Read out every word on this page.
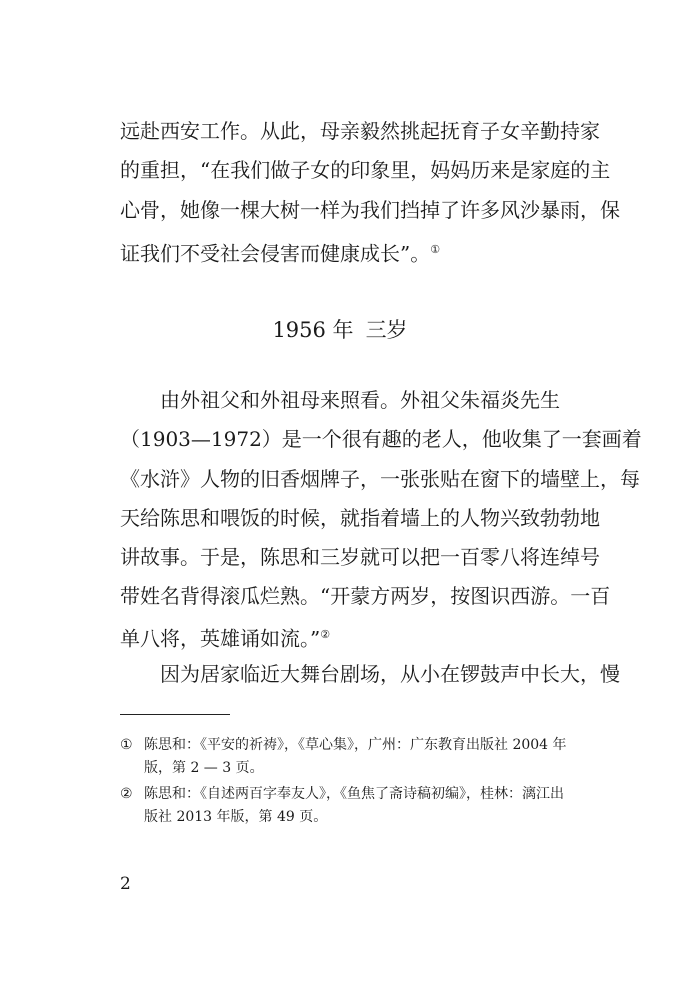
远赴西安工作。从此，母亲毅然挑起抚育子女辛勤持家
的重担，“在我们做子女的印象里，妈妈历来是家庭的主
心骨，她像一棵大树一样为我们挡掉了许多风沙暴雨，保
证我们不受社会侵害而健康成长”。①
1956 年 三岁
　　由外祖父和外祖母来照看。外祖父朱福炎先生
（1903—1972）是一个很有趣的老人，他收集了一套画着
《水浒》人物的旧香烟牌子，一张张贴在窗下的墙壁上，每
天给陈思和喂饭的时候，就指着墙上的人物兴致勃勃地
讲故事。于是，陈思和三岁就可以把一百零八将连绰号
带姓名背得滚瓜烂熟。“开蒙方两岁，按图识西游。一百
单八将，英雄诵如流。”②
　　因为居家临近大舞台剧场，从小在锣鼓声中长大，慢
① 陈思和：《平安的祈祷》，《草心集》，广州：广东教育出版社 2004 年
版，第 2 — 3 页。
② 陈思和：《自述两百字奉友人》，《鱼焦了斋诗稿初编》，桂林：漓江出
版社 2013 年版，第 49 页。
2
